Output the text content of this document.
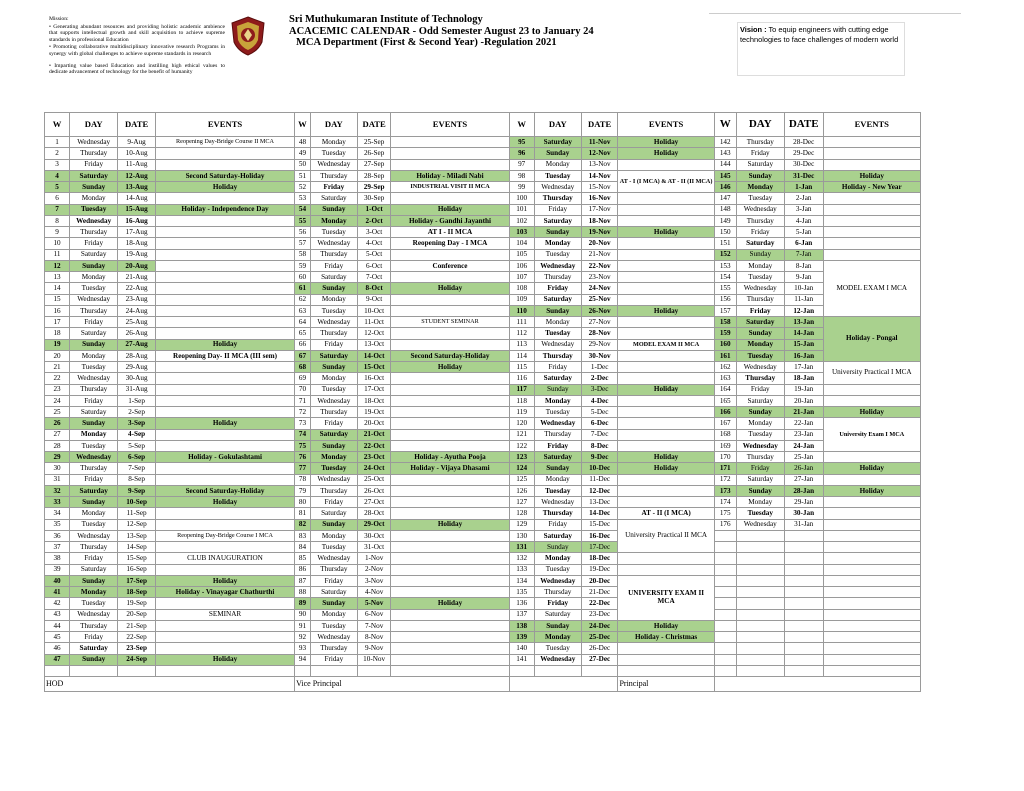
Mission:

• Generating abundant resources and providing holistic academic ambience that supports intellectual growth and skill acquisition to achieve supreme standards in professional Education

• Promoting collaborative multidisciplinary innovative research Programs in synergy with global challenges to achieve supreme standards in research

• Imparting value based Education and instilling high ethical values to dedicate advancement of technology for the benefit of humanity

Sri Muthukumaran Institute of Technology
ACACEMIC CALENDAR - Odd Semester August 23 to January 24
MCA Department (First & Second Year) -Regulation 2021
Vision : To equip engineers with cutting edge technologies to face challenges of modern world
W	DAY	DATE	EVENTS	W	DAY	DATE	EVENTS	W	DAY	DATE	EVENTS	W	DAY	DATE	EVENTS
1	Wednesday	9-Aug	Reopening Day-Bridge Course II MCA	48	Monday	25-Sep		95	Saturday	11-Nov	Holiday	142	Thursday	28-Dec	
2	Thursday	10-Aug		49	Tuesday	26-Sep		96	Sunday	12-Nov	Holiday	143	Friday	29-Dec	
3	Friday	11-Aug		50	Wednesday	27-Sep		97	Monday	13-Nov		144	Saturday	30-Dec	
4	Saturday	12-Aug	Second Saturday-Holiday	51	Thursday	28-Sep	Holiday - Miladi Nabi	98	Tuesday	14-Nov	AT - I (I MCA) & AT - II (II MCA)	145	Sunday	31-Dec	Holiday
5	Sunday	13-Aug	Holiday	52	Friday	29-Sep	INDUSTRIAL VISIT II MCA	99	Wednesday	15-Nov		146	Monday	1-Jan	Holiday - New Year
6	Monday	14-Aug		53	Saturday	30-Sep		100	Thursday	16-Nov		147	Tuesday	2-Jan	
7	Tuesday	15-Aug	Holiday - Independence Day	54	Sunday	1-Oct	Holiday	101	Friday	17-Nov		148	Wednesday	3-Jan	
8	Wednesday	16-Aug		55	Monday	2-Oct	Holiday - Gandhi Jayanthi	102	Saturday	18-Nov		149	Thursday	4-Jan	
9	Thursday	17-Aug		56	Tuesday	3-Oct	AT I - II MCA	103	Sunday	19-Nov	Holiday	150	Friday	5-Jan	
10	Friday	18-Aug		57	Wednesday	4-Oct	Reopening Day - I MCA	104	Monday	20-Nov		151	Saturday	6-Jan	
11	Saturday	19-Aug		58	Thursday	5-Oct		105	Tuesday	21-Nov		152	Sunday	7-Jan	
12	Sunday	20-Aug		59	Friday	6-Oct	Conference	106	Wednesday	22-Nov		153	Monday	8-Jan	MODEL EXAM I MCA
13	Monday	21-Aug		60	Saturday	7-Oct		107	Thursday	23-Nov		154	Tuesday	9-Jan	
14	Tuesday	22-Aug		61	Sunday	8-Oct	Holiday	108	Friday	24-Nov		155	Wednesday	10-Jan	
15	Wednesday	23-Aug		62	Monday	9-Oct		109	Saturday	25-Nov		156	Thursday	11-Jan	
16	Thursday	24-Aug		63	Tuesday	10-Oct		110	Sunday	26-Nov	Holiday	157	Friday	12-Jan	
17	Friday	25-Aug		64	Wednesday	11-Oct	STUDENT SEMINAR	111	Monday	27-Nov		158	Saturday	13-Jan	Holiday - Pongal
18	Saturday	26-Aug		65	Thursday	12-Oct		112	Tuesday	28-Nov		159	Sunday	14-Jan	
19	Sunday	27-Aug	Holiday	66	Friday	13-Oct		113	Wednesday	29-Nov	MODEL EXAM II MCA	160	Monday	15-Jan	
20	Monday	28-Aug	Reopening Day- II MCA (III sem)	67	Saturday	14-Oct	Second Saturday-Holiday	114	Thursday	30-Nov		161	Tuesday	16-Jan	
21	Tuesday	29-Aug		68	Sunday	15-Oct	Holiday	115	Friday	1-Dec		162	Wednesday	17-Jan	University Practical I MCA
22	Wednesday	30-Aug		69	Monday	16-Oct		116	Saturday	2-Dec		163	Thursday	18-Jan	
23	Thursday	31-Aug		70	Tuesday	17-Oct		117	Sunday	3-Dec	Holiday	164	Friday	19-Jan	
24	Friday	1-Sep		71	Wednesday	18-Oct		118	Monday	4-Dec		165	Saturday	20-Jan	
25	Saturday	2-Sep		72	Thursday	19-Oct		119	Tuesday	5-Dec		166	Sunday	21-Jan	Holiday
26	Sunday	3-Sep	Holiday	73	Friday	20-Oct		120	Wednesday	6-Dec		167	Monday	22-Jan	University Exam I MCA
27	Monday	4-Sep		74	Saturday	21-Oct		121	Thursday	7-Dec		168	Tuesday	23-Jan	
28	Tuesday	5-Sep		75	Sunday	22-Oct		122	Friday	8-Dec		169	Wednesday	24-Jan	
29	Wednesday	6-Sep	Holiday - Gokulashtami	76	Monday	23-Oct	Holiday - Ayutha Pooja	123	Saturday	9-Dec	Holiday	170	Thursday	25-Jan	
30	Thursday	7-Sep		77	Tuesday	24-Oct	Holiday - Vijaya Dhasami	124	Sunday	10-Dec	Holiday	171	Friday	26-Jan	Holiday
31	Friday	8-Sep		78	Wednesday	25-Oct		125	Monday	11-Dec		172	Saturday	27-Jan	
32	Saturday	9-Sep	Second Saturday-Holiday	79	Thursday	26-Oct		126	Tuesday	12-Dec		173	Sunday	28-Jan	Holiday
33	Sunday	10-Sep	Holiday	80	Friday	27-Oct		127	Wednesday	13-Dec		174	Monday	29-Jan	
34	Monday	11-Sep		81	Saturday	28-Oct		128	Thursday	14-Dec	AT - II (I MCA)	175	Tuesday	30-Jan	
35	Tuesday	12-Sep		82	Sunday	29-Oct	Holiday	129	Friday	15-Dec	University Practical II MCA	176	Wednesday	31-Jan	
36	Wednesday	13-Sep	Reopening Day-Bridge Course I MCA	83	Monday	30-Oct		130	Saturday	16-Dec					
37	Thursday	14-Sep		84	Tuesday	31-Oct		131	Sunday	17-Dec					
38	Friday	15-Sep	CLUB INAUGURATION	85	Wednesday	1-Nov		132	Monday	18-Dec					
39	Saturday	16-Sep		86	Thursday	2-Nov		133	Tuesday	19-Dec					
40	Sunday	17-Sep	Holiday	87	Friday	3-Nov		134	Wednesday	20-Dec	UNIVERSITY EXAM II MCA				
41	Monday	18-Sep	Holiday - Vinayagar Chathurthi	88	Saturday	4-Nov		135	Thursday	21-Dec					
42	Tuesday	19-Sep		89	Sunday	5-Nov	Holiday	136	Friday	22-Dec					
43	Wednesday	20-Sep	SEMINAR	90	Monday	6-Nov		137	Saturday	23-Dec					
44	Thursday	21-Sep		91	Tuesday	7-Nov		138	Sunday	24-Dec	Holiday				
45	Friday	22-Sep		92	Wednesday	8-Nov		139	Monday	25-Dec	Holiday - Christmas				
46	Saturday	23-Sep		93	Thursday	9-Nov		140	Tuesday	26-Dec					
47	Sunday	24-Sep	Holiday	94	Friday	10-Nov		141	Wednesday	27-Dec					

HOD				Vice Principal							Principal				
